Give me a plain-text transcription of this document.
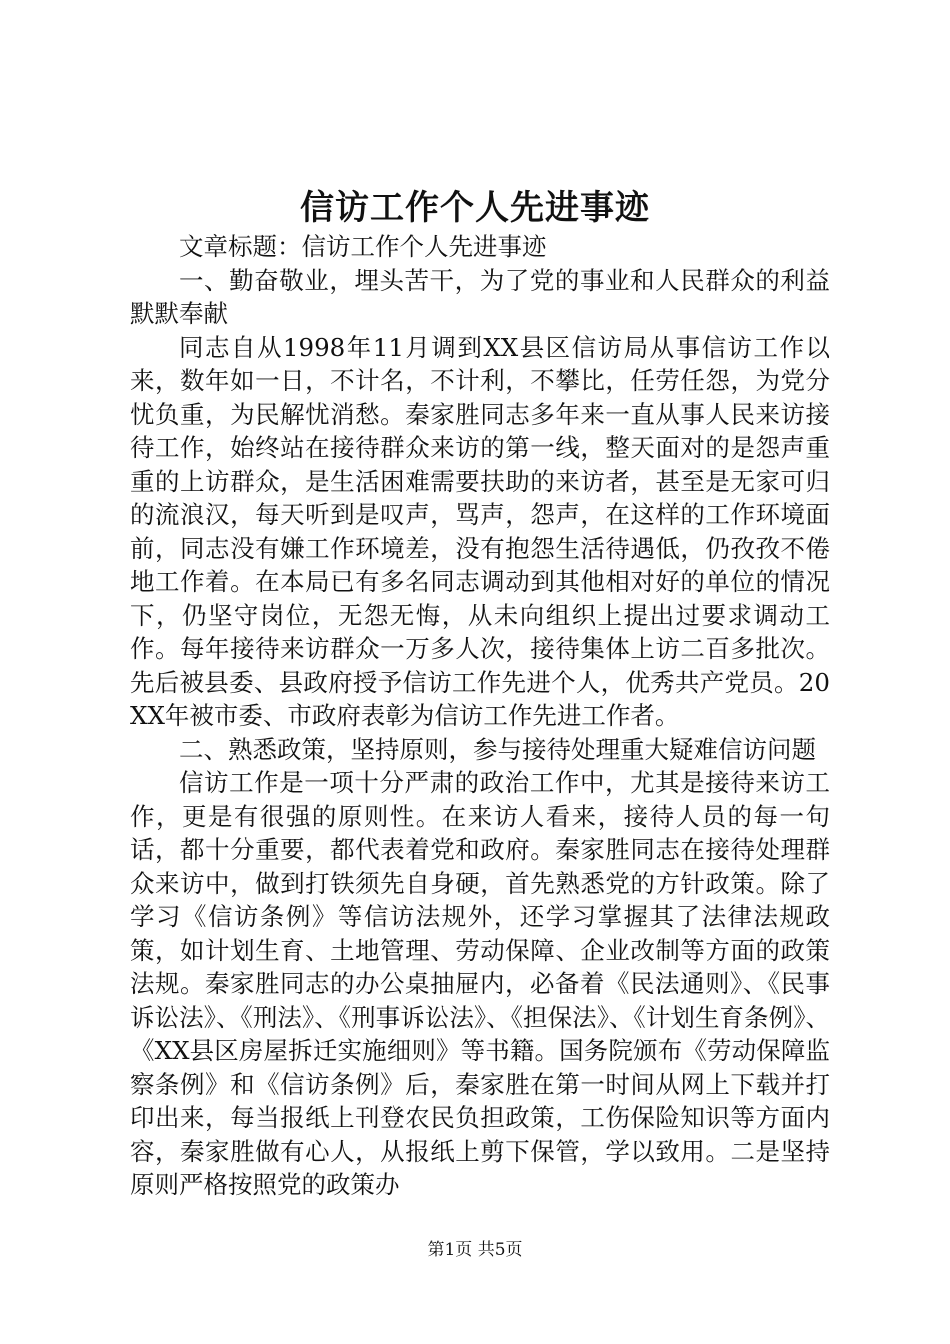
信访工作个人先进事迹

文章标题：信访工作个人先进事迹

一、勤奋敬业，埋头苦干，为了党的事业和人民群众的利益默默奉献

同志自从1998年11月调到XX县区信访局从事信访工作以来，数年如一日，不计名，不计利，不攀比，任劳任怨，为党分忧负重，为民解忧消愁。秦家胜同志多年来一直从事人民来访接待工作，始终站在接待群众来访的第一线，整天面对的是怨声重重的上访群众，是生活困难需要扶助的来访者，甚至是无家可归的流浪汉，每天听到是叹声，骂声，怨声，在这样的工作环境面前，同志没有嫌工作环境差，没有抱怨生活待遇低，仍孜孜不倦地工作着。在本局已有多名同志调动到其他相对好的单位的情况下，仍坚守岗位，无怨无悔，从未向组织上提出过要求调动工作。每年接待来访群众一万多人次，接待集体上访二百多批次。先后被县委、县政府授予信访工作先进个人，优秀共产党员。20XX年被市委、市政府表彰为信访工作先进工作者。

二、熟悉政策，坚持原则，参与接待处理重大疑难信访问题

信访工作是一项十分严肃的政治工作中，尤其是接待来访工作，更是有很强的原则性。在来访人看来，接待人员的每一句话，都十分重要，都代表着党和政府。秦家胜同志在接待处理群众来访中，做到打铁须先自身硬，首先熟悉党的方针政策。除了学习《信访条例》等信访法规外，还学习掌握其了法律法规政策，如计划生育、土地管理、劳动保障、企业改制等方面的政策法规。秦家胜同志的办公桌抽屉内，必备着《民法通则》、《民事诉讼法》、《刑法》、《刑事诉讼法》、《担保法》、《计划生育条例》、《XX县区房屋拆迁实施细则》等书籍。国务院颁布《劳动保障监察条例》和《信访条例》后，秦家胜在第一时间从网上下载并打印出来，每当报纸上刊登农民负担政策，工伤保险知识等方面内容，秦家胜做有心人，从报纸上剪下保管，学以致用。二是坚持原则严格按照党的政策办

第1页 共5页
